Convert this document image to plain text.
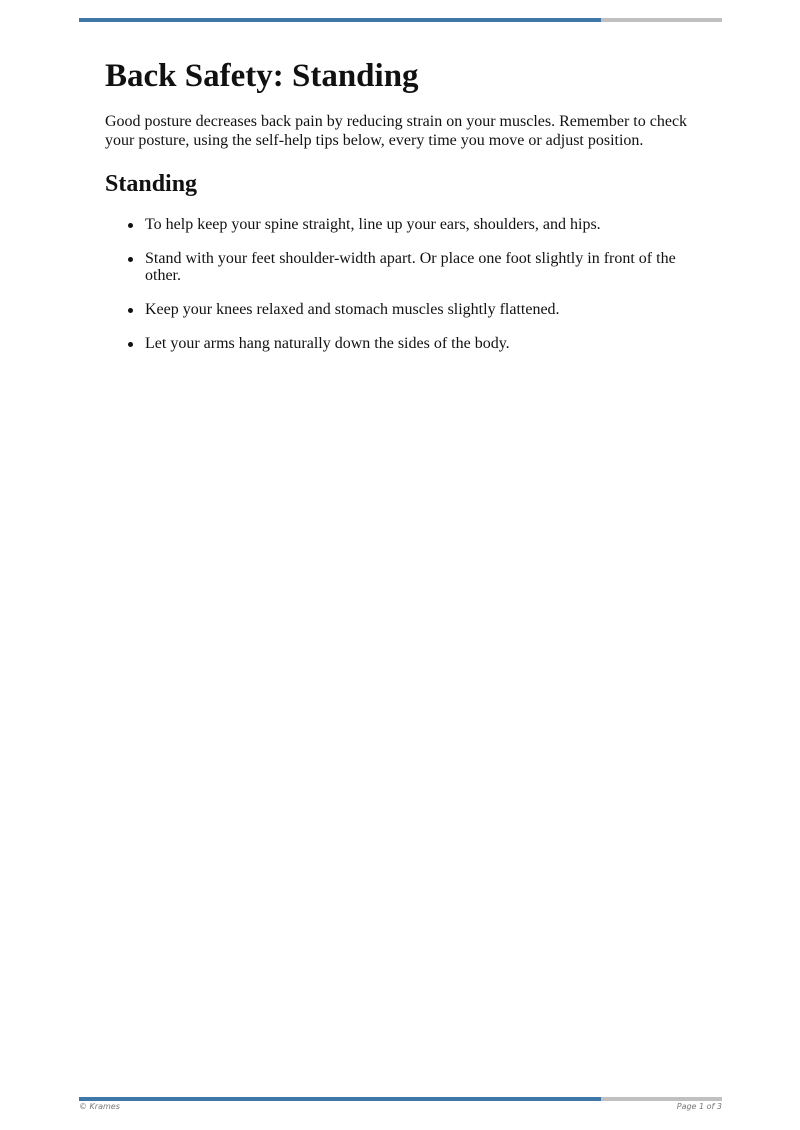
Back Safety: Standing

Good posture decreases back pain by reducing strain on your muscles. Remember to check your posture, using the self-help tips below, every time you move or adjust position.

Standing
To help keep your spine straight, line up your ears, shoulders, and hips.
Stand with your feet shoulder-width apart. Or place one foot slightly in front of the other.
Keep your knees relaxed and stomach muscles slightly flattened.
Let your arms hang naturally down the sides of the body.
© Krames	Page 1 of 3
